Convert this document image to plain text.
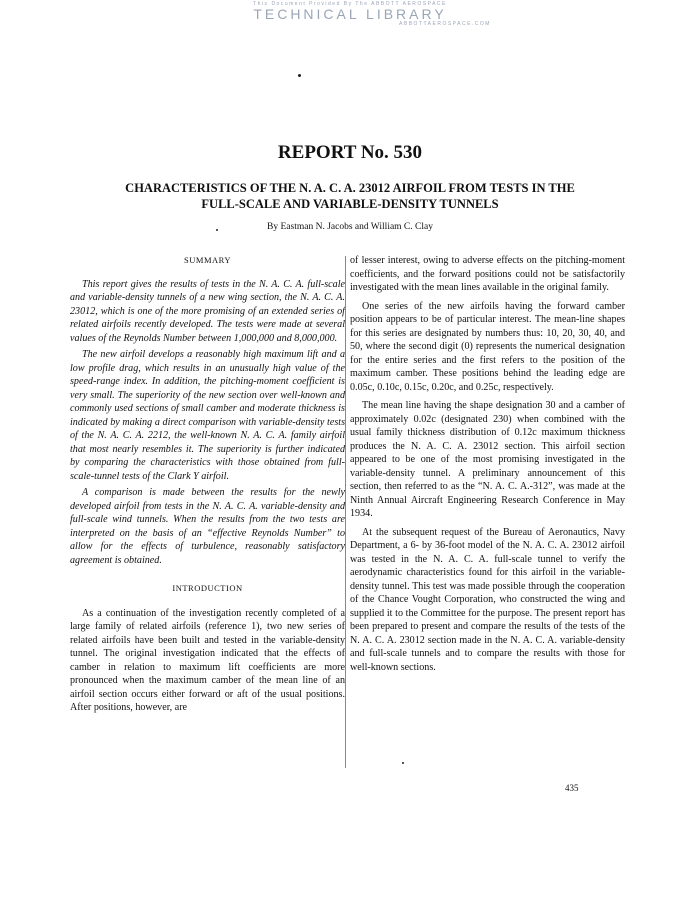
This Document Provided By The ABBOTT AEROSPACE
TECHNICAL LIBRARY
ABBOTTAEROSPACE.COM
REPORT No. 530
CHARACTERISTICS OF THE N. A. C. A. 23012 AIRFOIL FROM TESTS IN THE FULL-SCALE AND VARIABLE-DENSITY TUNNELS
By Eastman N. Jacobs and William C. Clay
SUMMARY

This report gives the results of tests in the N. A. C. A. full-scale and variable-density tunnels of a new wing section, the N. A. C. A. 23012, which is one of the more promising of an extended series of related airfoils recently developed. The tests were made at several values of the Reynolds Number between 1,000,000 and 8,000,000.

The new airfoil develops a reasonably high maximum lift and a low profile drag, which results in an unusually high value of the speed-range index. In addition, the pitching-moment coefficient is very small. The superiority of the new section over well-known and commonly used sections of small camber and moderate thickness is indicated by making a direct comparison with variable-density tests of the N. A. C. A. 2212, the well-known N. A. C. A. family airfoil that most nearly resembles it. The superiority is further indicated by comparing the characteristics with those obtained from full-scale-tunnel tests of the Clark Y airfoil.

A comparison is made between the results for the newly developed airfoil from tests in the N. A. C. A. variable-density and full-scale wind tunnels. When the results from the two tests are interpreted on the basis of an “effective Reynolds Number” to allow for the effects of turbulence, reasonably satisfactory agreement is obtained.

INTRODUCTION

As a continuation of the investigation recently completed of a large family of related airfoils (reference 1), two new series of related airfoils have been built and tested in the variable-density tunnel. The original investigation indicated that the effects of camber in relation to maximum lift coefficients are more pronounced when the maximum camber of the mean line of an airfoil section occurs either forward or aft of the usual positions. After positions, however, are

of lesser interest, owing to adverse effects on the pitching-moment coefficients, and the forward positions could not be satisfactorily investigated with the mean lines available in the original family.

One series of the new airfoils having the forward camber position appears to be of particular interest. The mean-line shapes for this series are designated by numbers thus: 10, 20, 30, 40, and 50, where the second digit (0) represents the numerical designation for the entire series and the first refers to the position of the maximum camber. These positions behind the leading edge are 0.05c, 0.10c, 0.15c, 0.20c, and 0.25c, respectively.

The mean line having the shape designation 30 and a camber of approximately 0.02c (designated 230) when combined with the usual family thickness distribution of 0.12c maximum thickness produces the N. A. C. A. 23012 section. This airfoil section appeared to be one of the most promising investigated in the variable-density tunnel. A preliminary announcement of this section, then referred to as the “N. A. C. A.-312”, was made at the Ninth Annual Aircraft Engineering Research Conference in May 1934.

At the subsequent request of the Bureau of Aeronautics, Navy Department, a 6- by 36-foot model of the N. A. C. A. 23012 airfoil was tested in the N. A. C. A. full-scale tunnel to verify the aerodynamic characteristics found for this airfoil in the variable-density tunnel. This test was made possible through the cooperation of the Chance Vought Corporation, who constructed the wing and supplied it to the Committee for the purpose. The present report has been prepared to present and compare the results of the tests of the N. A. C. A. 23012 section made in the N. A. C. A. variable-density and full-scale tunnels and to compare the results with those for well-known sections.

435
